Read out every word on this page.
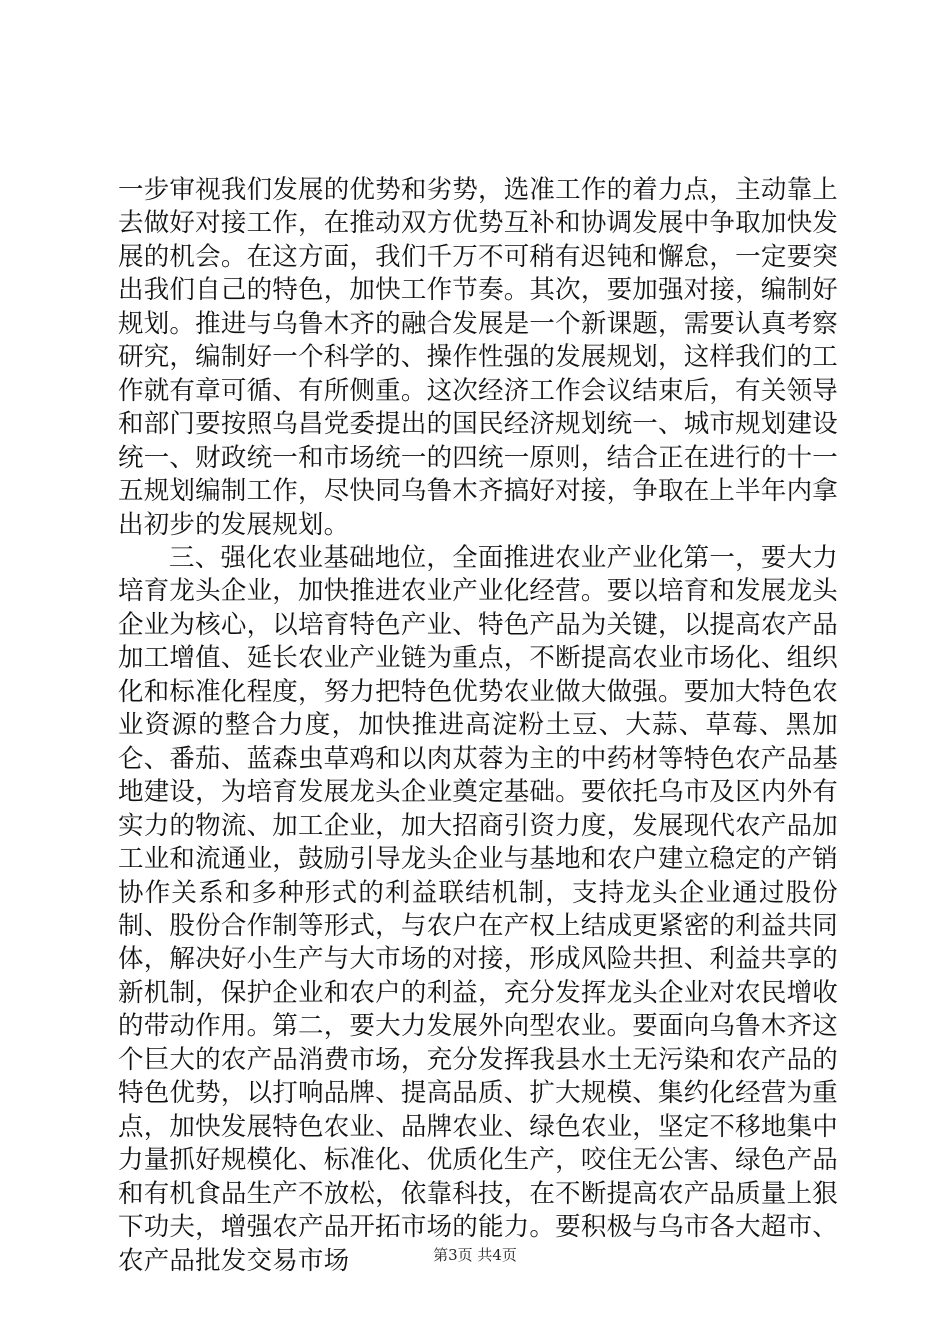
一步审视我们发展的优势和劣势，选准工作的着力点，主动靠上去做好对接工作，在推动双方优势互补和协调发展中争取加快发展的机会。在这方面，我们千万不可稍有迟钝和懈怠，一定要突出我们自己的特色，加快工作节奏。其次，要加强对接，编制好规划。推进与乌鲁木齐的融合发展是一个新课题，需要认真考察研究，编制好一个科学的、操作性强的发展规划，这样我们的工作就有章可循、有所侧重。这次经济工作会议结束后，有关领导和部门要按照乌昌党委提出的国民经济规划统一、城市规划建设统一、财政统一和市场统一的四统一原则，结合正在进行的十一五规划编制工作，尽快同乌鲁木齐搞好对接，争取在上半年内拿出初步的发展规划。

三、强化农业基础地位，全面推进农业产业化第一，要大力培育龙头企业，加快推进农业产业化经营。要以培育和发展龙头企业为核心，以培育特色产业、特色产品为关键，以提高农产品加工增值、延长农业产业链为重点，不断提高农业市场化、组织化和标准化程度，努力把特色优势农业做大做强。要加大特色农业资源的整合力度，加快推进高淀粉土豆、大蒜、草莓、黑加仑、番茄、蓝森虫草鸡和以肉苁蓉为主的中药材等特色农产品基地建设，为培育发展龙头企业奠定基础。要依托乌市及区内外有实力的物流、加工企业，加大招商引资力度，发展现代农产品加工业和流通业，鼓励引导龙头企业与基地和农户建立稳定的产销协作关系和多种形式的利益联结机制，支持龙头企业通过股份制、股份合作制等形式，与农户在产权上结成更紧密的利益共同体，解决好小生产与大市场的对接，形成风险共担、利益共享的新机制，保护企业和农户的利益，充分发挥龙头企业对农民增收的带动作用。第二，要大力发展外向型农业。要面向乌鲁木齐这个巨大的农产品消费市场，充分发挥我县水土无污染和农产品的特色优势，以打响品牌、提高品质、扩大规模、集约化经营为重点，加快发展特色农业、品牌农业、绿色农业，坚定不移地集中力量抓好规模化、标准化、优质化生产，咬住无公害、绿色产品和有机食品生产不放松，依靠科技，在不断提高农产品质量上狠下功夫，增强农产品开拓市场的能力。要积极与乌市各大超市、农产品批发交易市场	第3页 共4页
